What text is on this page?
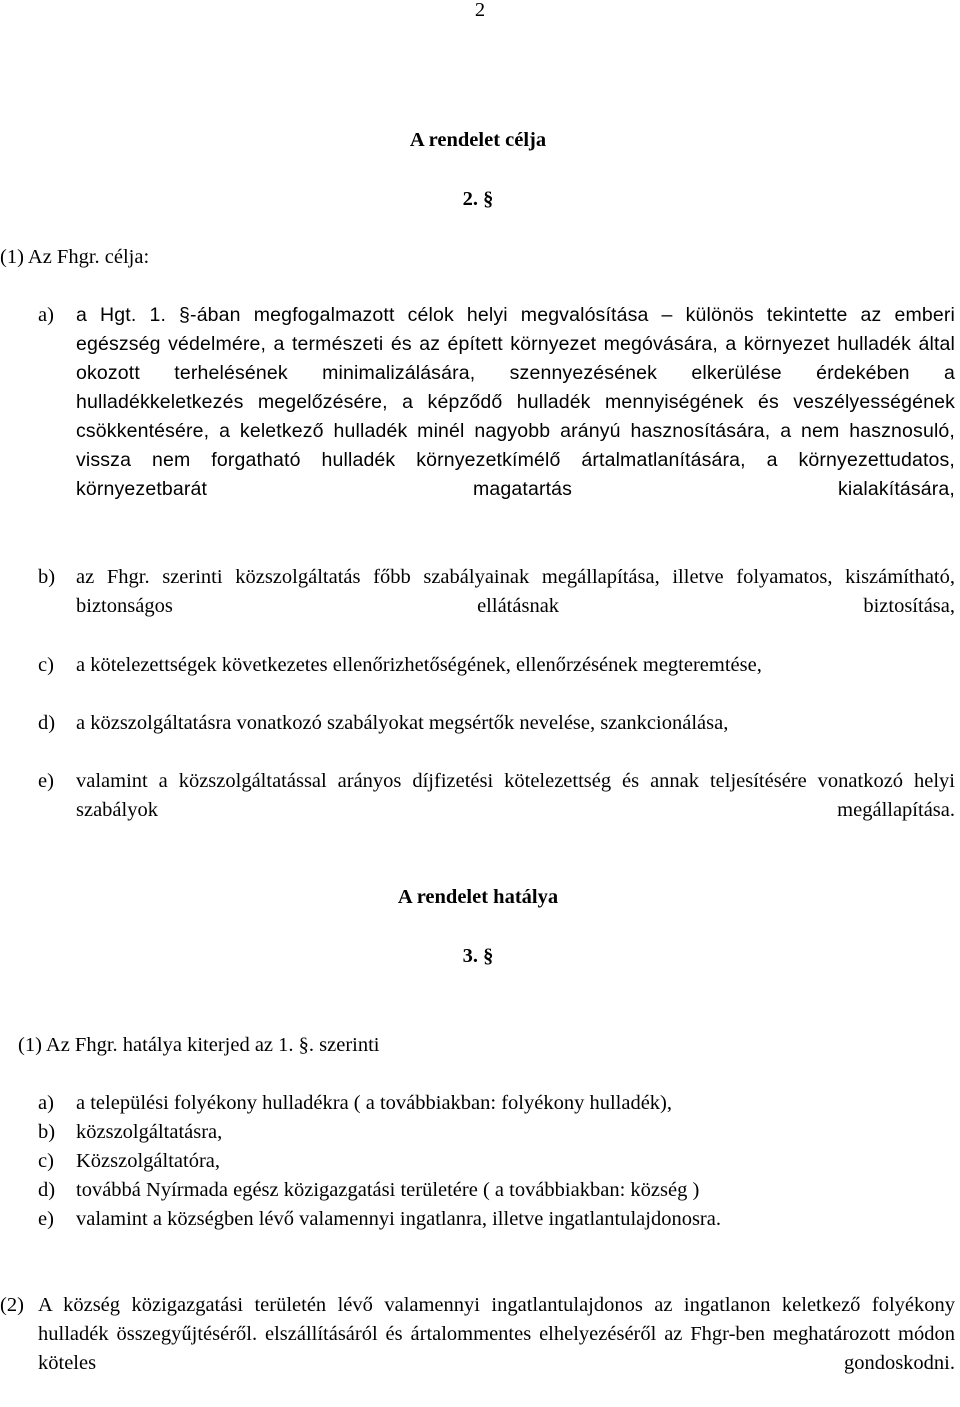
2
A rendelet célja
2. §
(1) Az Fhgr. célja:
a) a Hgt. 1. §-ában megfogalmazott célok helyi megvalósítása – különös tekintette az emberi egészség védelmére, a természeti és az épített környezet megóvására, a környezet hulladék által okozott terhelésének minimalizálására, szennyezésének elkerülése érdekében a hulladékkeletkezés megelőzésére, a képződő hulladék mennyiségének és veszélyességének csökkentésére, a keletkező hulladék minél nagyobb arányú hasznosítására, a nem hasznosuló, vissza nem forgatható hulladék környezetkímélő ártalmatlanítására, a környezettudatos, környezetbarát magatartás kialakítására,
b) az Fhgr. szerinti közszolgáltatás főbb szabályainak megállapítása, illetve folyamatos, kiszámítható, biztonságos ellátásnak biztosítása,
c) a kötelezettségek következetes ellenőrizhetőségének, ellenőrzésének megteremtése,
d) a közszolgáltatásra vonatkozó szabályokat megsértők nevelése, szankcionálása,
e) valamint a közszolgáltatással arányos díjfizetési kötelezettség és annak teljesítésére vonatkozó helyi szabályok megállapítása.
A rendelet hatálya
3. §
(1) Az Fhgr. hatálya kiterjed az 1. §. szerinti
a) a települési folyékony hulladékra ( a továbbiakban: folyékony hulladék),
b) közszolgáltatásra,
c) Közszolgáltatóra,
d) továbbá Nyírmada egész közigazgatási területére ( a továbbiakban: község )
e) valamint a községben lévő valamennyi ingatlanra, illetve ingatlantulajdonosra.
(2) A község közigazgatási területén lévő valamennyi ingatlantulajdonos az ingatlanon keletkező folyékony hulladék összegyűjtéséről. elszállításáról és ártalommentes elhelyezéséről az Fhgr-ben meghatározott módon köteles gondoskodni.
